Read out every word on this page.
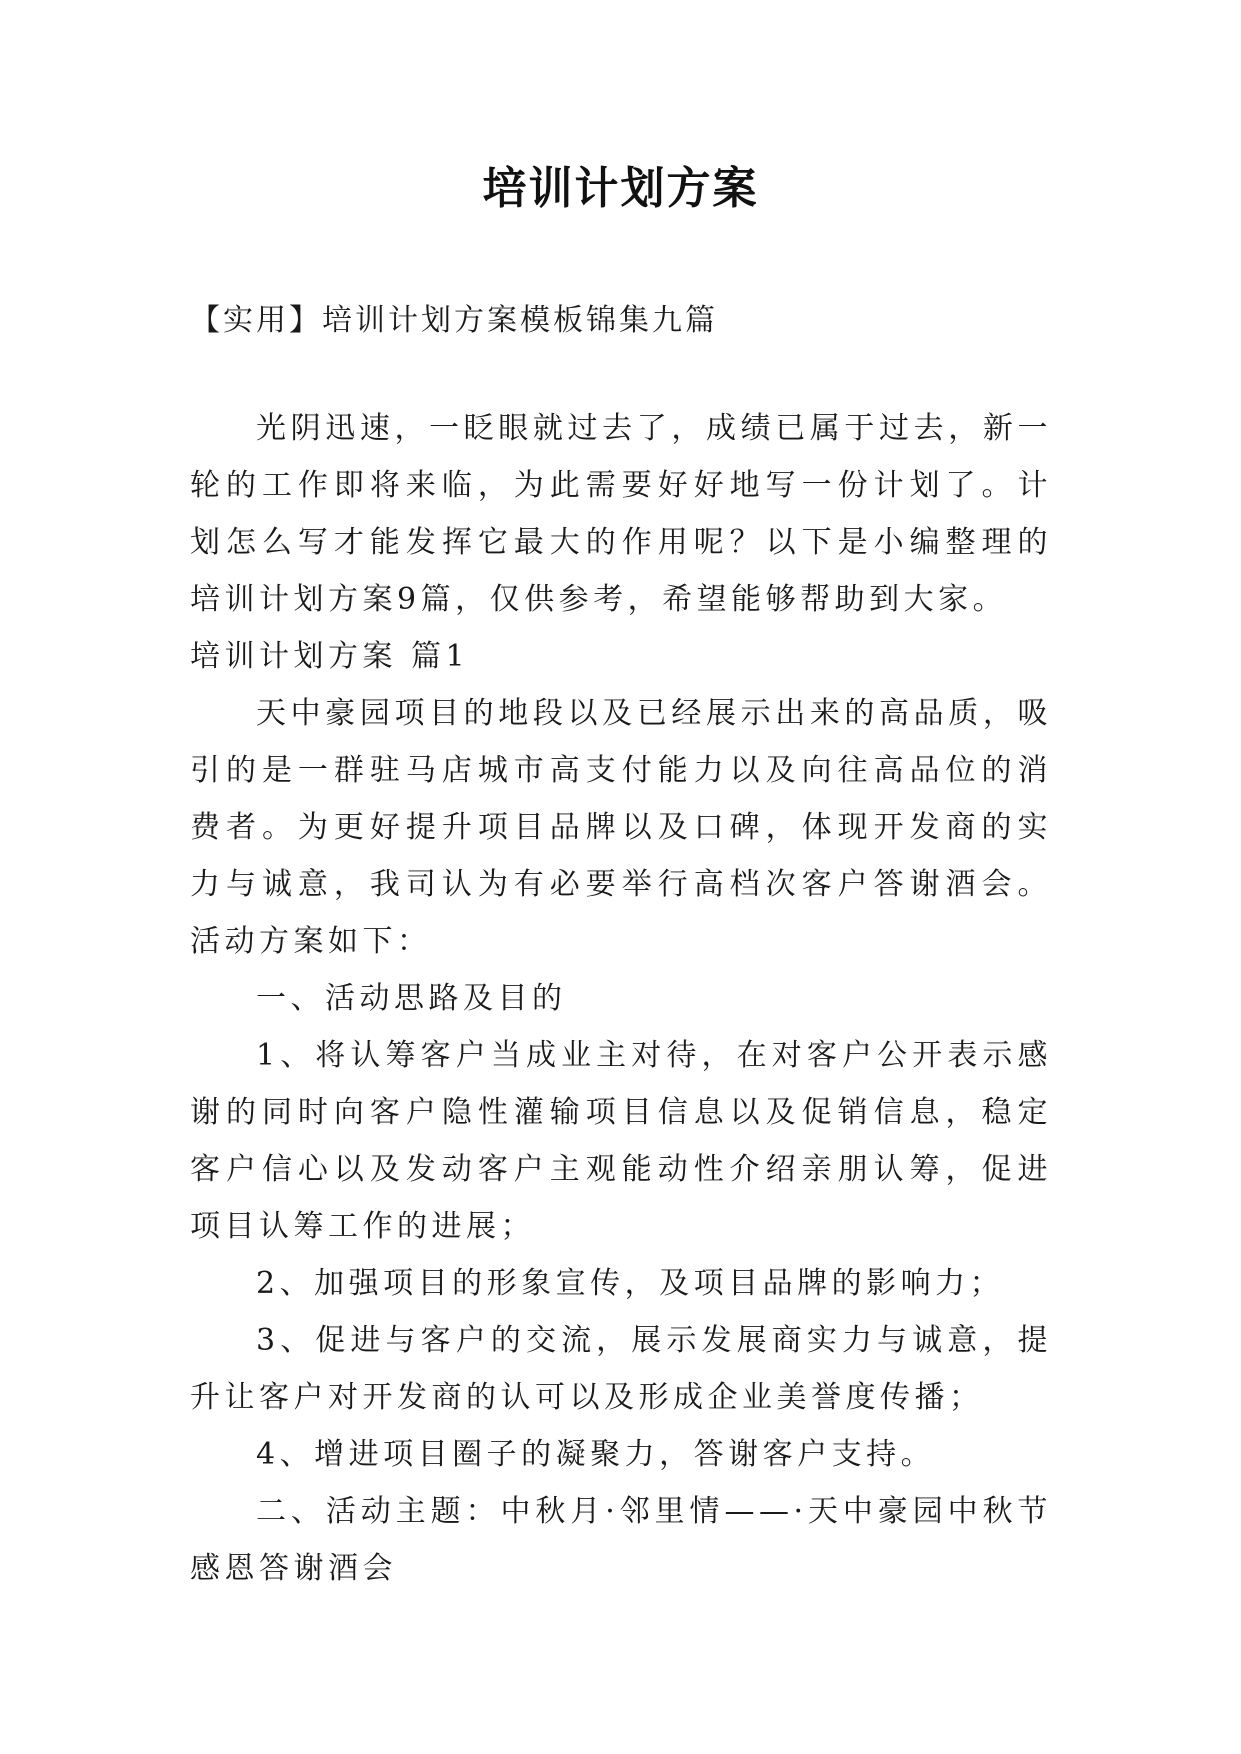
培训计划方案
【实用】培训计划方案模板锦集九篇

光阴迅速，一眨眼就过去了，成绩已属于过去，新一轮的工作即将来临，为此需要好好地写一份计划了。计划怎么写才能发挥它最大的作用呢？以下是小编整理的培训计划方案9篇，仅供参考，希望能够帮助到大家。

培训计划方案 篇1

天中豪园项目的地段以及已经展示出来的高品质，吸引的是一群驻马店城市高支付能力以及向往高品位的消费者。为更好提升项目品牌以及口碑，体现开发商的实力与诚意，我司认为有必要举行高档次客户答谢酒会。活动方案如下：

一、活动思路及目的

1、将认筹客户当成业主对待，在对客户公开表示感谢的同时向客户隐性灌输项目信息以及促销信息，稳定客户信心以及发动客户主观能动性介绍亲朋认筹，促进项目认筹工作的进展；

2、加强项目的形象宣传，及项目品牌的影响力；

3、促进与客户的交流，展示发展商实力与诚意，提升让客户对开发商的认可以及形成企业美誉度传播；

4、增进项目圈子的凝聚力，答谢客户支持。

二、活动主题：中秋月·邻里情——·天中豪园中秋节感恩答谢酒会
